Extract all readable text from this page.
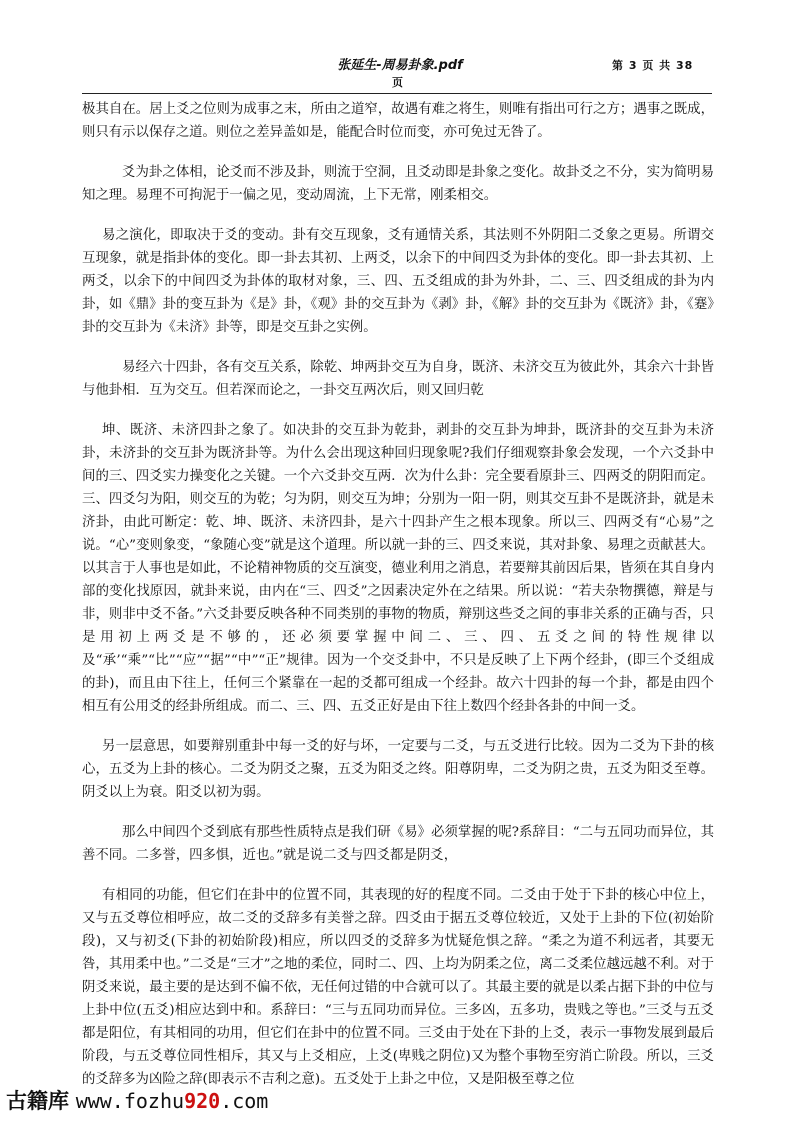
张延生-周易卦象.pdf	第 3 页 共 38
页

极其自在。居上爻之位则为成事之末，所由之道窄，故遇有难之将生，则唯有指出可行之方；遇事之既成，则只有示以保存之道。则位之差异盖如是，能配合时位而变，亦可免过无咎了。

爻为卦之体相，论爻而不涉及卦，则流于空洞，且爻动即是卦象之变化。故卦爻之不分，实为简明易知之理。易理不可拘泥于一偏之见，变动周流，上下无常，刚柔相交。

易之演化，即取决于爻的变动。卦有交互现象，爻有通情关系，其法则不外阴阳二爻象之更易。所谓交互现象，就是指卦体的变化。即一卦去其初、上两爻，以余下的中间四爻为卦体的变化。即一卦去其初、上两爻，以余下的中间四爻为卦体的取材对象，三、四、五爻组成的卦为外卦，二、三、四爻组成的卦为内卦，如《鼎》卦的变互卦为《是》卦，《观》卦的交互卦为《剥》卦，《解》卦的交互卦为《既济》卦，《蹇》卦的交互卦为《未济》卦等，即是交互卦之实例。

易经六十四卦，各有交互关系，除乾、坤两卦交互为自身，既济、未济交互为彼此外，其余六十卦皆与他卦相．互为交互。但若深而论之，一卦交互两次后，则又回归乾

坤、既济、未济四卦之象了。如决卦的交互卦为乾卦，剥卦的交互卦为坤卦，既济卦的交互卦为未济卦，未济卦的交互卦为既济卦等。为什么会出现这种回归现象呢?我们仔细观察卦象会发现，一个六爻卦中间的三、四爻实力操变化之关键。一个六爻卦交互两．次为什么卦：完全要看原卦三、四两爻的阴阳而定。三、四爻匀为阳，则交互的为乾；匀为阴，则交互为坤；分别为一阳一阴，则其交互卦不是既济卦，就是未济卦，由此可断定：乾、坤、既济、未济四卦，是六十四卦产生之根本现象。所以三、四两爻有“心易”之说。“心”变则象变，“象随心变”就是这个道理。所以就一卦的三、四爻来说，其对卦象、易理之贡献甚大。以其言于人事也是如此，不论精神物质的交互演变，德业利用之消息，若要辩其前因后果，皆须在其自身内部的变化找原因，就卦来说，由内在“三、四爻”之因素决定外在之结果。所以说：“若夫杂物撰德，辩是与非，则非中爻不备。”六爻卦要反映各种不同类别的事物的物质，辩别这些爻之间的事非关系的正确与否，只是用初上两爻是不够的，还必须要掌握中间二、三、四、五爻之间的特性规律以及“承’“乘”“比”“应”“据”“中”“正”规律。因为一个交爻卦中，不只是反映了上下两个经卦，(即三个爻组成的卦)，而且由下往上，任何三个紧靠在一起的爻都可组成一个经卦。故六十四卦的每一个卦，都是由四个相互有公用爻的经卦所组成。而二、三、四、五爻正好是由下往上数四个经卦各卦的中间一爻。

另一层意思，如要辩别重卦中每一爻的好与坏，一定要与二爻，与五爻进行比较。因为二爻为下卦的核心，五爻为上卦的核心。二爻为阴爻之聚，五爻为阳爻之终。阳尊阴卑，二爻为阴之贵，五爻为阳爻至尊。阴爻以上为衰。阳爻以初为弱。

那么中间四个爻到底有那些性质特点是我们研《易》必须掌握的呢?系辞目：“二与五同功而异位，其善不同。二多誉，四多惧，近也。”就是说二爻与四爻都是阴爻，

有相同的功能，但它们在卦中的位置不同，其表现的好的程度不同。二爻由于处于下卦的核心中位上，又与五爻尊位相呼应，故二爻的爻辞多有美誉之辞。四爻由于据五爻尊位较近，又处于上卦的下位(初始阶段)，又与初爻(下卦的初始阶段)相应，所以四爻的爻辞多为忧疑危惧之辞。“柔之为道不利远者，其要无咎，其用柔中也。”二爻是“三才”之地的柔位，同时二、四、上均为阴柔之位，离二爻柔位越远越不利。对于阴爻来说，最主要的是达到不偏不依，无任何过错的中合就可以了。其最主要的就是以柔占据下卦的中位与上卦中位(五爻)相应达到中和。系辞曰：“三与五同功而异位。三多凶，五多功，贵贱之等也。”三爻与五爻都是阳位，有其相同的功用，但它们在卦中的位置不同。三爻由于处在下卦的上爻，表示一事物发展到最后阶段，与五爻尊位同性相斥，其又与上爻相应，上爻(卑贱之阴位)又为整个事物至穷消亡阶段。所以，三爻的爻辞多为凶险之辞(即表示不吉利之意)。五爻处于上卦之中位，又是阳极至尊之位

古籍库 www.fozhu920.com
